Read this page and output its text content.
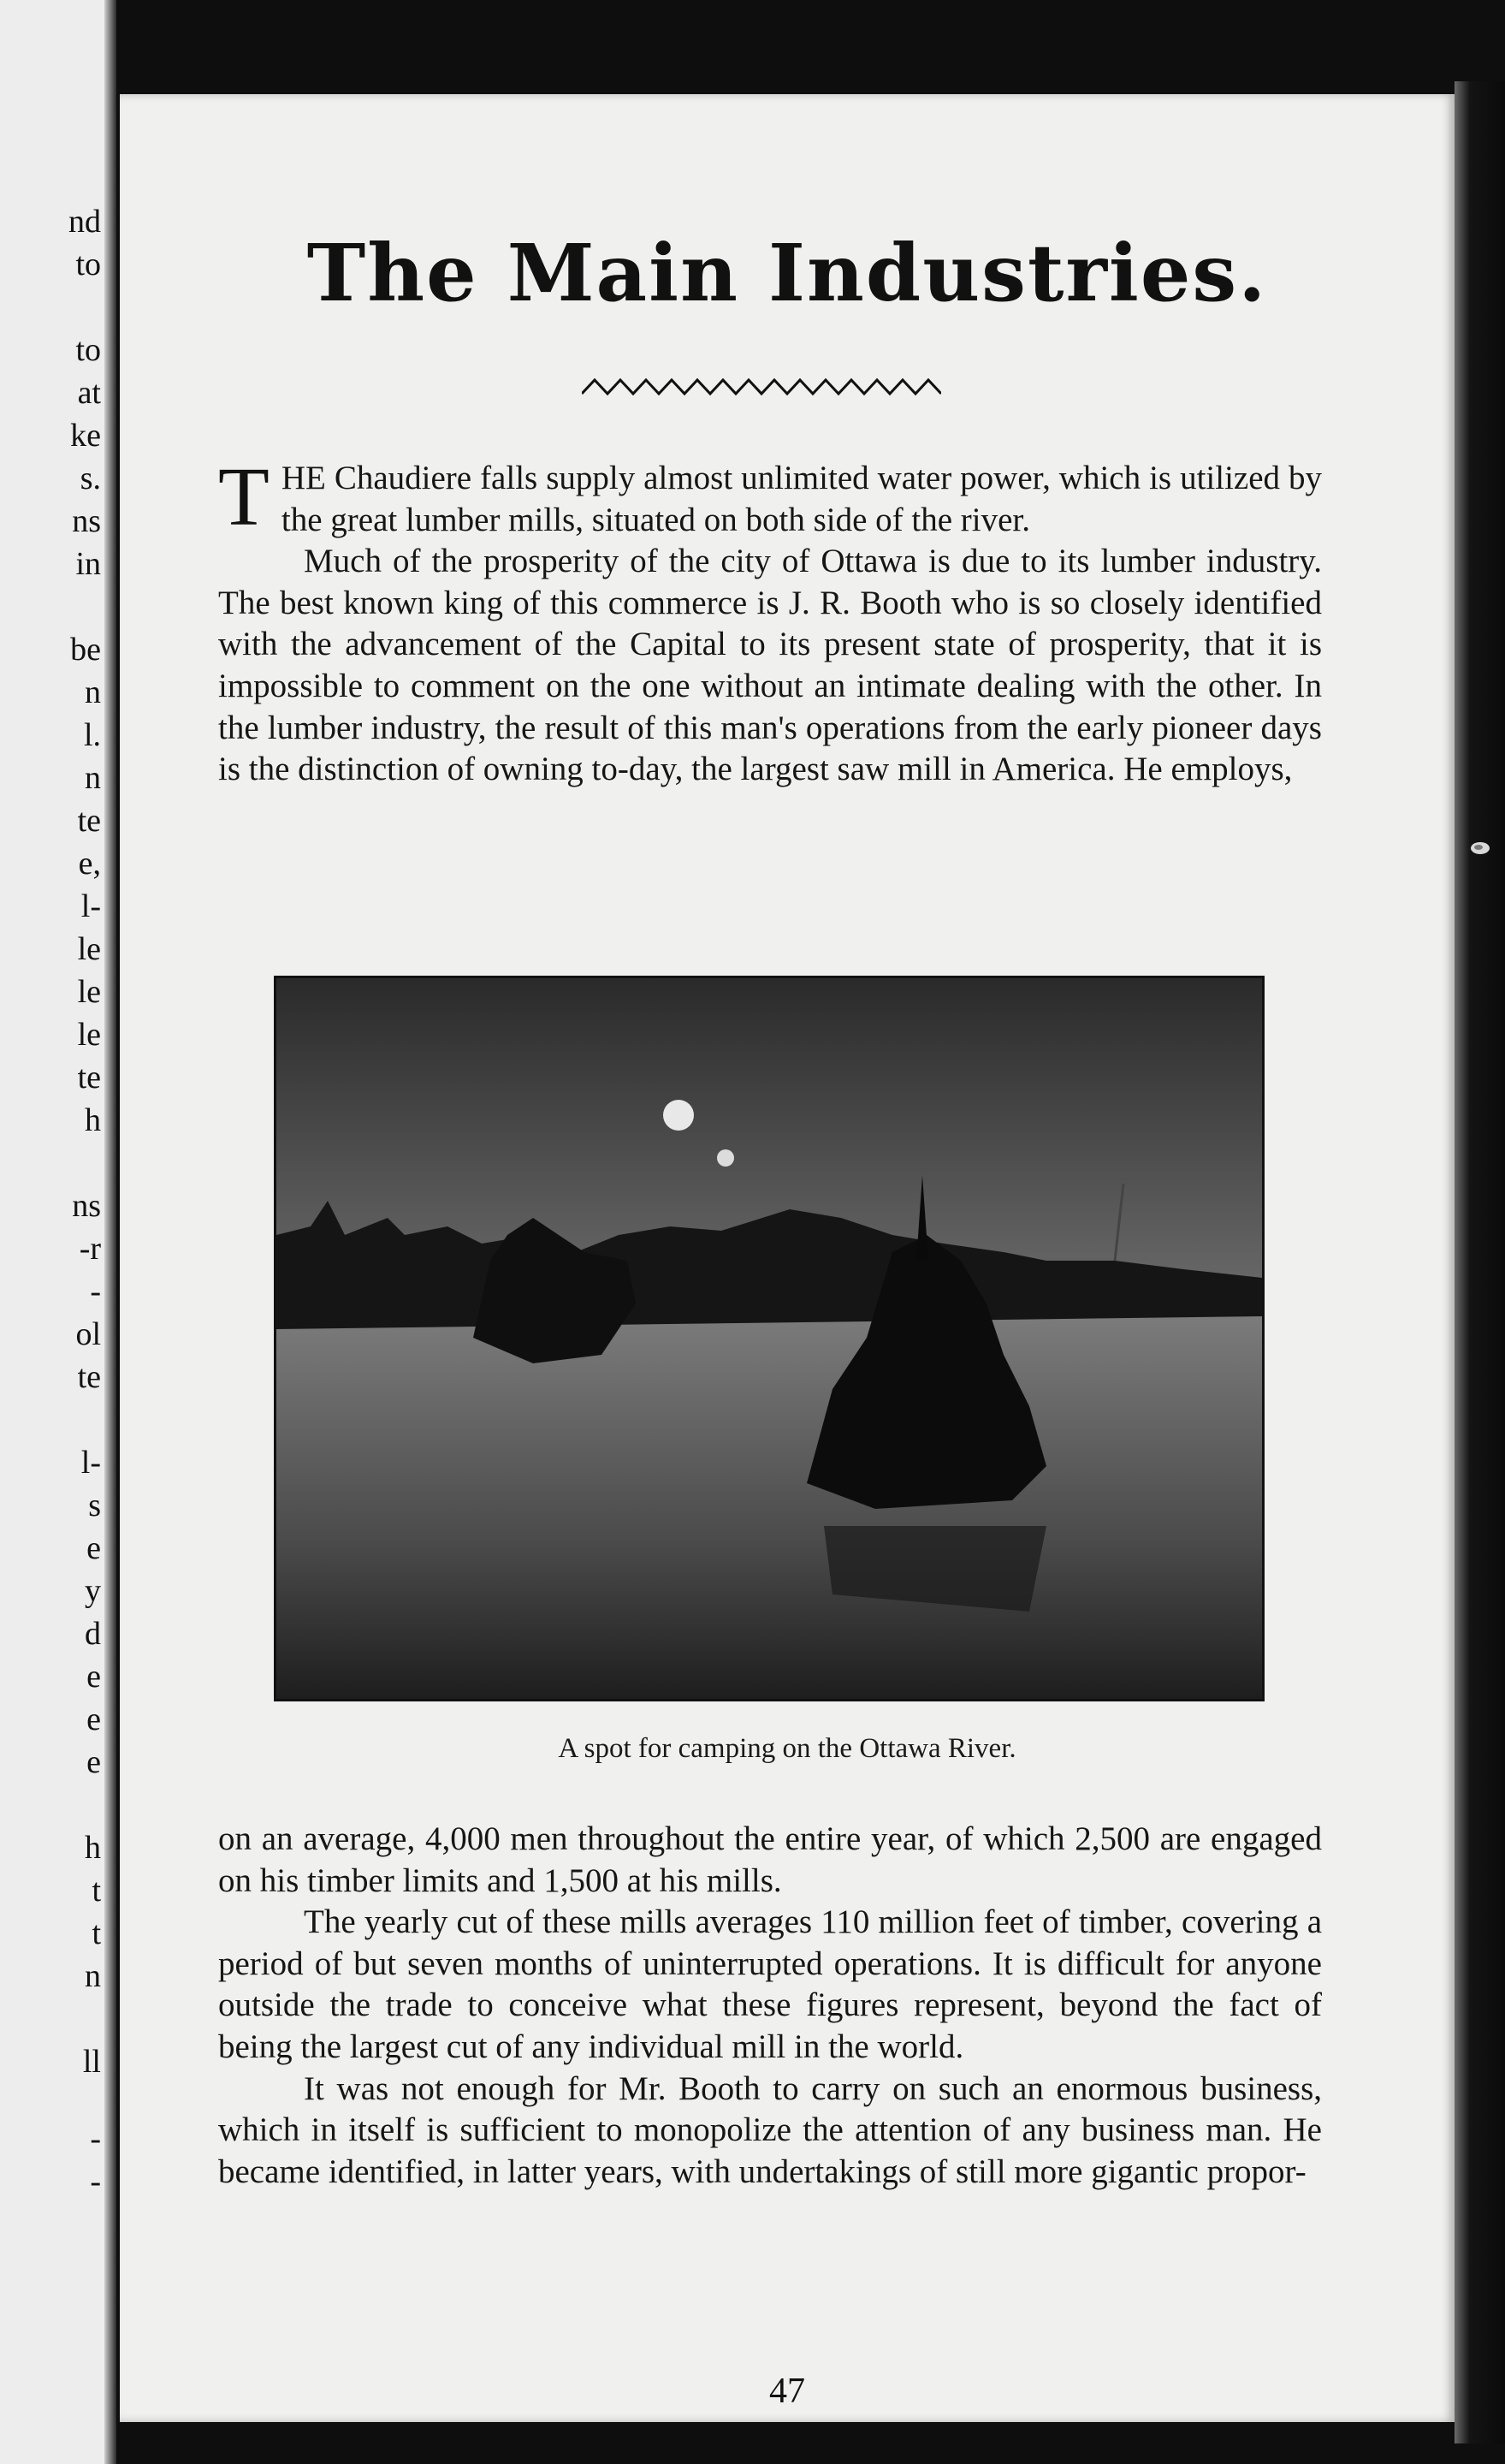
nd
to
to
at
ke
s.
ns
in
be
n
l.
n
te
e,
l-
le
le
le
te
h
ns
-r
-
ol
te
l-
s
e
y
d
e
e
e
h
t
t
n
ll
-
-
The Main Industries.

T HE Chaudiere falls supply almost unlimited water power, which is utilized by the great lumber mills, situated on both side of the river.

Much of the prosperity of the city of Ottawa is due to its lumber industry. The best known king of this commerce is J. R. Booth who is so closely identified with the advancement of the Capital to its present state of prosperity, that it is impossible to comment on the one without an intimate dealing with the other. In the lumber industry, the result of this man's operations from the early pioneer days is the distinction of owning to-day, the largest saw mill in America. He employs,

A spot for camping on the Ottawa River.

on an average, 4,000 men throughout the entire year, of which 2,500 are engaged on his timber limits and 1,500 at his mills.

The yearly cut of these mills averages 110 million feet of timber, covering a period of but seven months of uninterrupted operations. It is difficult for anyone outside the trade to conceive what these figures represent, beyond the fact of being the largest cut of any individual mill in the world.

It was not enough for Mr. Booth to carry on such an enormous business, which in itself is sufficient to monopolize the attention of any business man. He became identified, in latter years, with undertakings of still more gigantic propor-

47
